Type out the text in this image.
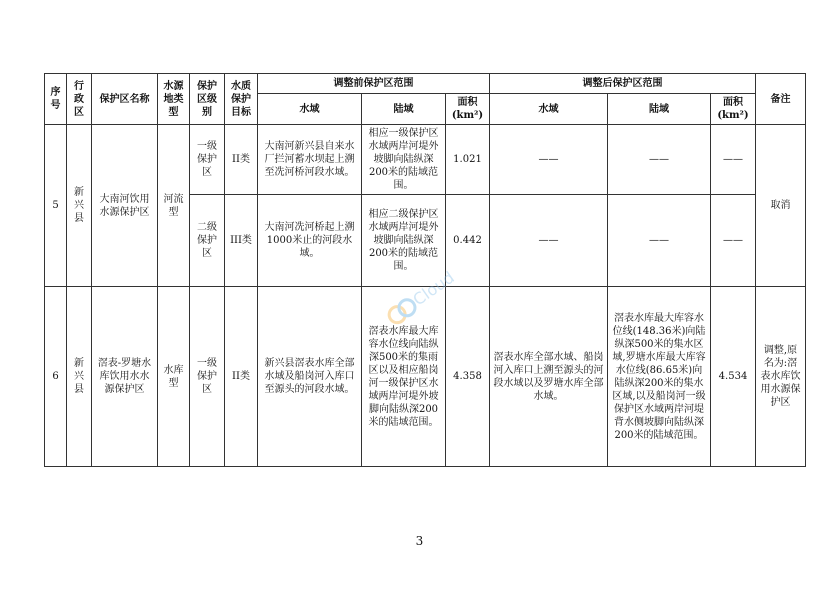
序号	行政区	保护区名称	水源地类型	保护区级别	水质保护目标	调整前保护区范围			调整后保护区范围			备注
						水域	陆域	面积(km²)	水域	陆域	面积(km²)	
5	新兴县	大南河饮用水源保护区	河流型	一级保护区	II类	大南河新兴县自来水厂拦河蓄水坝起上溯至冼河桥河段水域。	相应一级保护区水域两岸河堤外坡脚向陆纵深200米的陆域范围。	1.021	——	——	——	取消
				二级保护区	III类	大南河冼河桥起上溯1000米止的河段水域。	相应二级保护区水域两岸河堤外坡脚向陆纵深200米的陆域范围。	0.442	——	——	——	
6	新兴县	滘表-罗塘水库饮用水水源保护区	水库型	一级保护区	II类	新兴县滘表水库全部水域及船岗河入库口至源头的河段水域。	滘表水库最大库容水位线向陆纵深500米的集雨区以及相应船岗河一级保护区水域两岸河堤外坡脚向陆纵深200米的陆域范围。	4.358	滘表水库全部水域、船岗河入库口上溯至源头的河段水域以及罗塘水库全部水域。	滘表水库最大库容水位线(148.36米)向陆纵深500米的集水区域,罗塘水库最大库容水位线(86.65米)向陆纵深200米的集水区域,以及船岗河一级保护区水域两岸河堤背水侧坡脚向陆纵深200米的陆域范围。	4.534	调整,原名为:滘表水库饮用水源保护区
Cloud
3
